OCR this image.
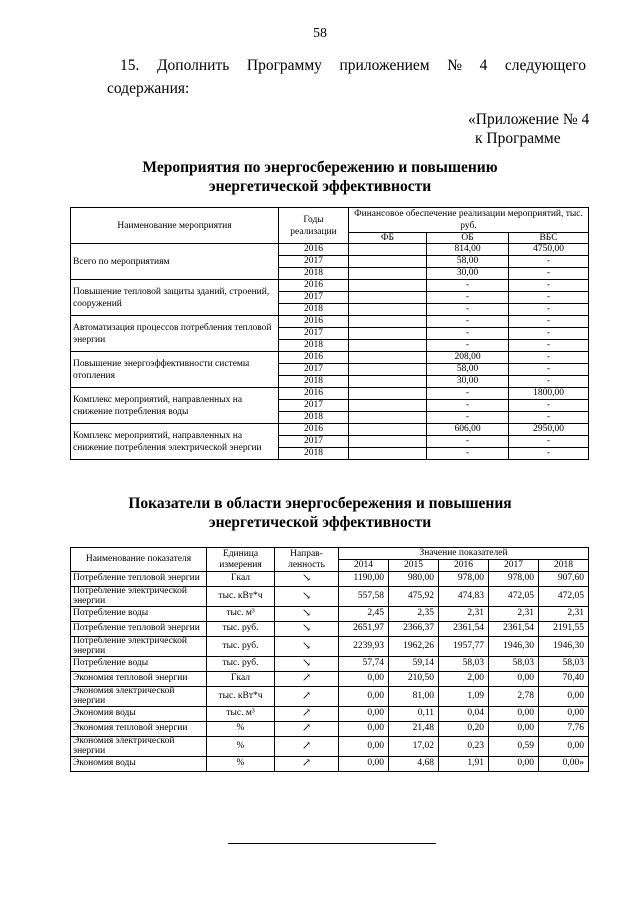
58
15. Дополнить Программу приложением № 4 следующего
содержания:
«Приложение № 4
к Программе
Мероприятия по энергосбережению и повышению
энергетической эффективности
Наименование мероприятия	Годы реализации	Финансовое обеспечение реализации мероприятий, тыс. руб.		
		ФБ	ОБ	ВБС
Всего по мероприятиям	2016		814,00	4750,00
	2017		58,00	-
	2018		30,00	-
Повышение тепловой защиты зданий, строений, сооружений	2016		-	-
	2017		-	-
	2018		-	-
Автоматизация процессов потребления тепловой энергии	2016		-	-
	2017		-	-
	2018		-	-
Повышение энергоэффективности системы отопления	2016		208,00	-
	2017		58,00	-
	2018		30,00	-
Комплекс мероприятий, направленных на снижение потребления воды	2016		-	1800,00
	2017		-	-
	2018		-	-
Комплекс мероприятий, направленных на снижение потребления электрической энергии	2016		606,00	2950,00
	2017		-	-
	2018		-	-
Показатели в области энергосбережения и повышения
энергетической эффективности
Наименование показателя	Единица измерения	Направ-ленность	Значение показателей				
			2014	2015	2016	2017	2018
Потребление тепловой энергии	Гкал	↘	1190,00	980,00	978,00	978,00	907,60
Потребление электрической энергии	тыс. кВт*ч	↘	557,58	475,92	474,83	472,05	472,05
Потребление воды	тыс. м³	↘	2,45	2,35	2,31	2,31	2,31
Потребление тепловой энергии	тыс. руб.	↘	2651,97	2366,37	2361,54	2361,54	2191,55
Потребление электрической энергии	тыс. руб.	↘	2239,93	1962,26	1957,77	1946,30	1946,30
Потребление воды	тыс. руб.	↘	57,74	59,14	58,03	58,03	58,03
Экономия тепловой энергии	Гкал	↗	0,00	210,50	2,00	0,00	70,40
Экономия электрической энергии	тыс. кВт*ч	↗	0,00	81,00	1,09	2,78	0,00
Экономия воды	тыс. м³	↗	0,00	0,11	0,04	0,00	0,00
Экономия тепловой энергии	%	↗	0,00	21,48	0,20	0,00	7,76
Экономия электрической энергии	%	↗	0,00	17,02	0,23	0,59	0,00
Экономия воды	%	↗	0,00	4,68	1,91	0,00	0,00»
